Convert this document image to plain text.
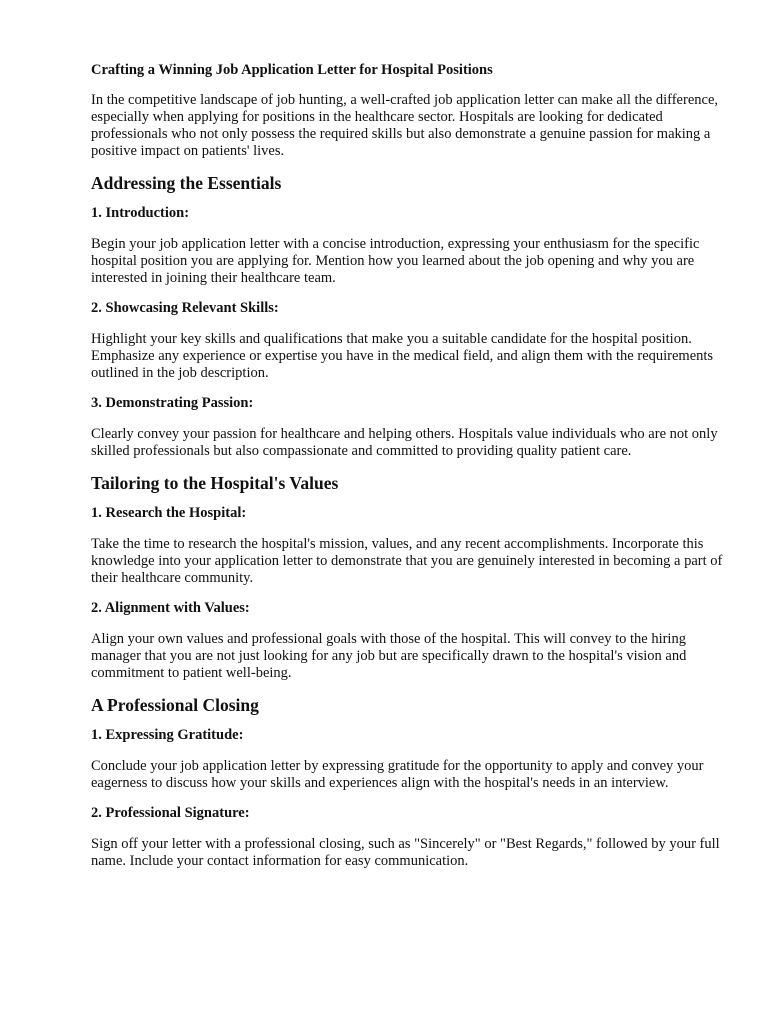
Crafting a Winning Job Application Letter for Hospital Positions
In the competitive landscape of job hunting, a well-crafted job application letter can make all the difference, especially when applying for positions in the healthcare sector. Hospitals are looking for dedicated professionals who not only possess the required skills but also demonstrate a genuine passion for making a positive impact on patients' lives.
Addressing the Essentials
1. Introduction:
Begin your job application letter with a concise introduction, expressing your enthusiasm for the specific hospital position you are applying for. Mention how you learned about the job opening and why you are interested in joining their healthcare team.
2. Showcasing Relevant Skills:
Highlight your key skills and qualifications that make you a suitable candidate for the hospital position. Emphasize any experience or expertise you have in the medical field, and align them with the requirements outlined in the job description.
3. Demonstrating Passion:
Clearly convey your passion for healthcare and helping others. Hospitals value individuals who are not only skilled professionals but also compassionate and committed to providing quality patient care.
Tailoring to the Hospital's Values
1. Research the Hospital:
Take the time to research the hospital's mission, values, and any recent accomplishments. Incorporate this knowledge into your application letter to demonstrate that you are genuinely interested in becoming a part of their healthcare community.
2. Alignment with Values:
Align your own values and professional goals with those of the hospital. This will convey to the hiring manager that you are not just looking for any job but are specifically drawn to the hospital's vision and commitment to patient well-being.
A Professional Closing
1. Expressing Gratitude:
Conclude your job application letter by expressing gratitude for the opportunity to apply and convey your eagerness to discuss how your skills and experiences align with the hospital's needs in an interview.
2. Professional Signature:
Sign off your letter with a professional closing, such as "Sincerely" or "Best Regards," followed by your full name. Include your contact information for easy communication.
